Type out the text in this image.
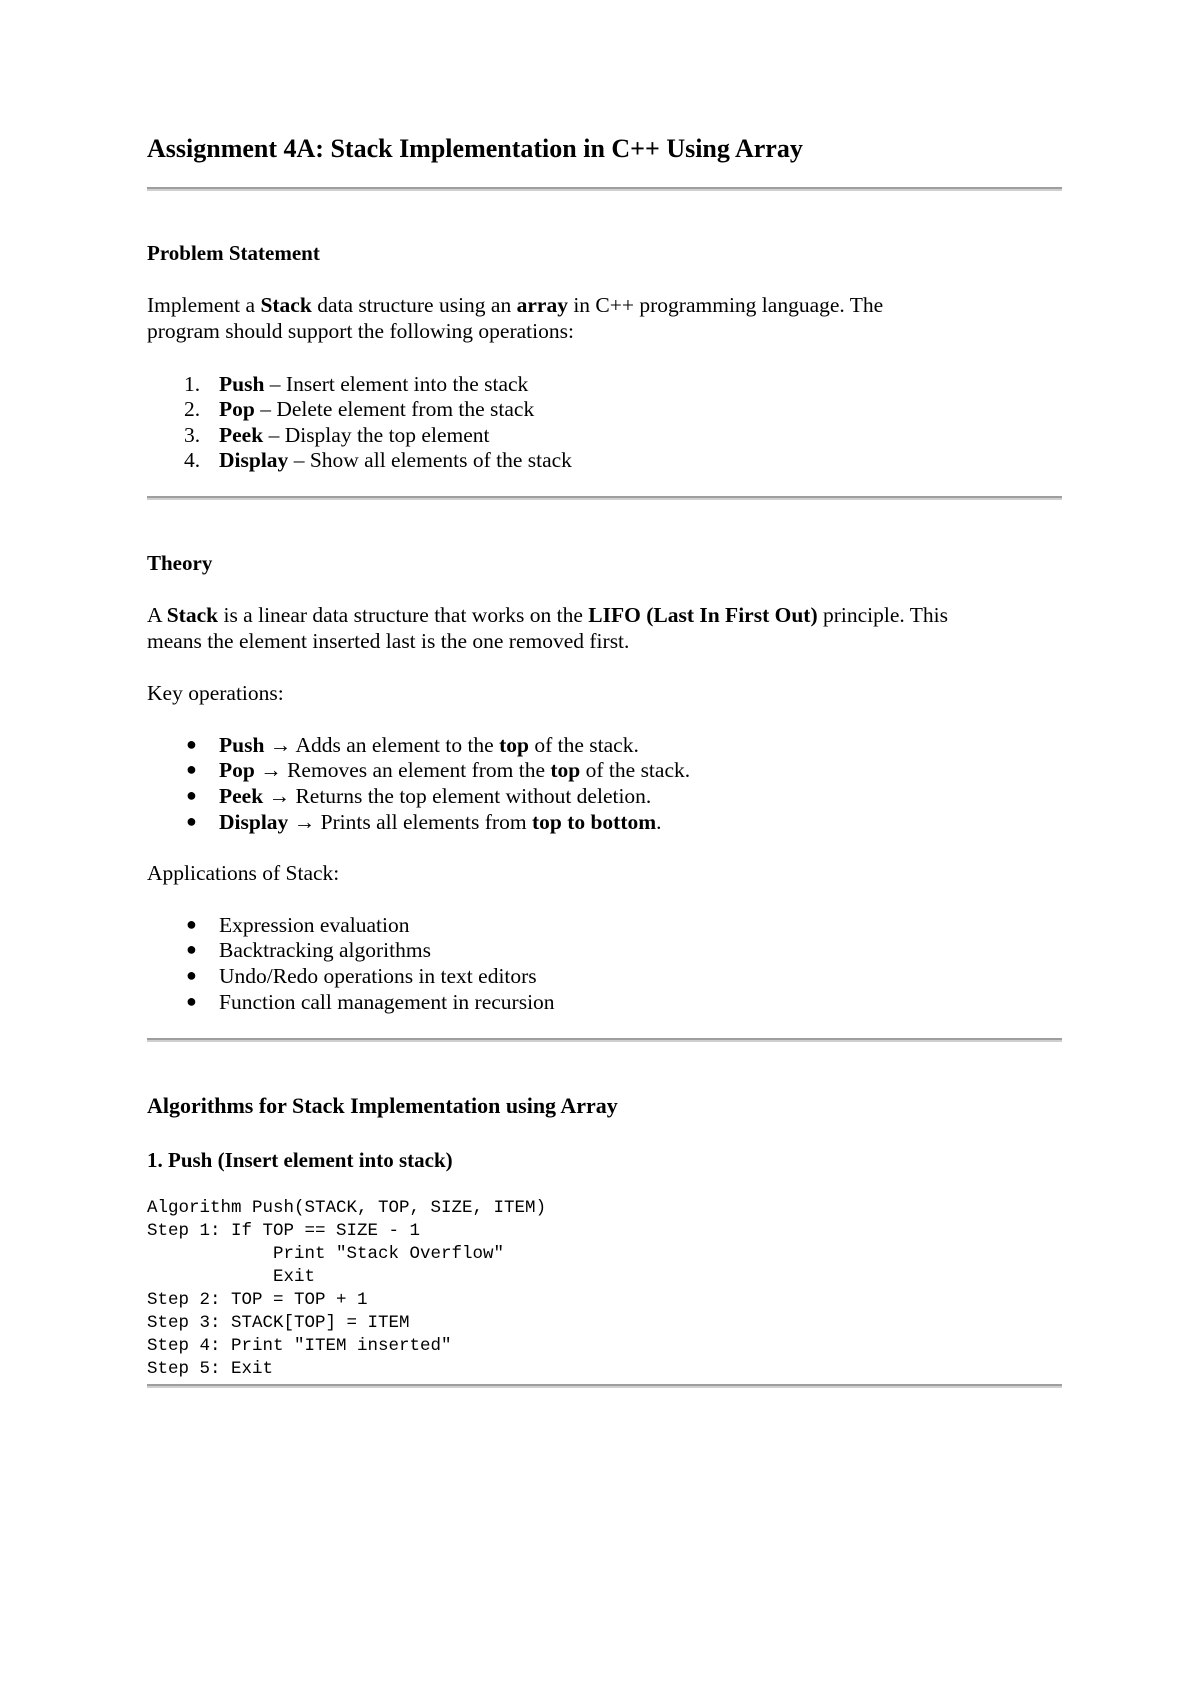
Assignment 4A: Stack Implementation in C++ Using Array
Problem Statement
Implement a Stack data structure using an array in C++ programming language. The
program should support the following operations:
1. Push – Insert element into the stack
2. Pop – Delete element from the stack
3. Peek – Display the top element
4. Display – Show all elements of the stack
Theory
A Stack is a linear data structure that works on the LIFO (Last In First Out) principle. This
means the element inserted last is the one removed first.
Key operations:
● Push → Adds an element to the top of the stack.
● Pop → Removes an element from the top of the stack.
● Peek → Returns the top element without deletion.
● Display → Prints all elements from top to bottom.
Applications of Stack:
● Expression evaluation
● Backtracking algorithms
● Undo/Redo operations in text editors
● Function call management in recursion
Algorithms for Stack Implementation using Array
1. Push (Insert element into stack)
Algorithm Push(STACK, TOP, SIZE, ITEM)
Step 1: If TOP == SIZE - 1
Print "Stack Overflow"
Exit
Step 2: TOP = TOP + 1
Step 3: STACK[TOP] = ITEM
Step 4: Print "ITEM inserted"
Step 5: Exit
